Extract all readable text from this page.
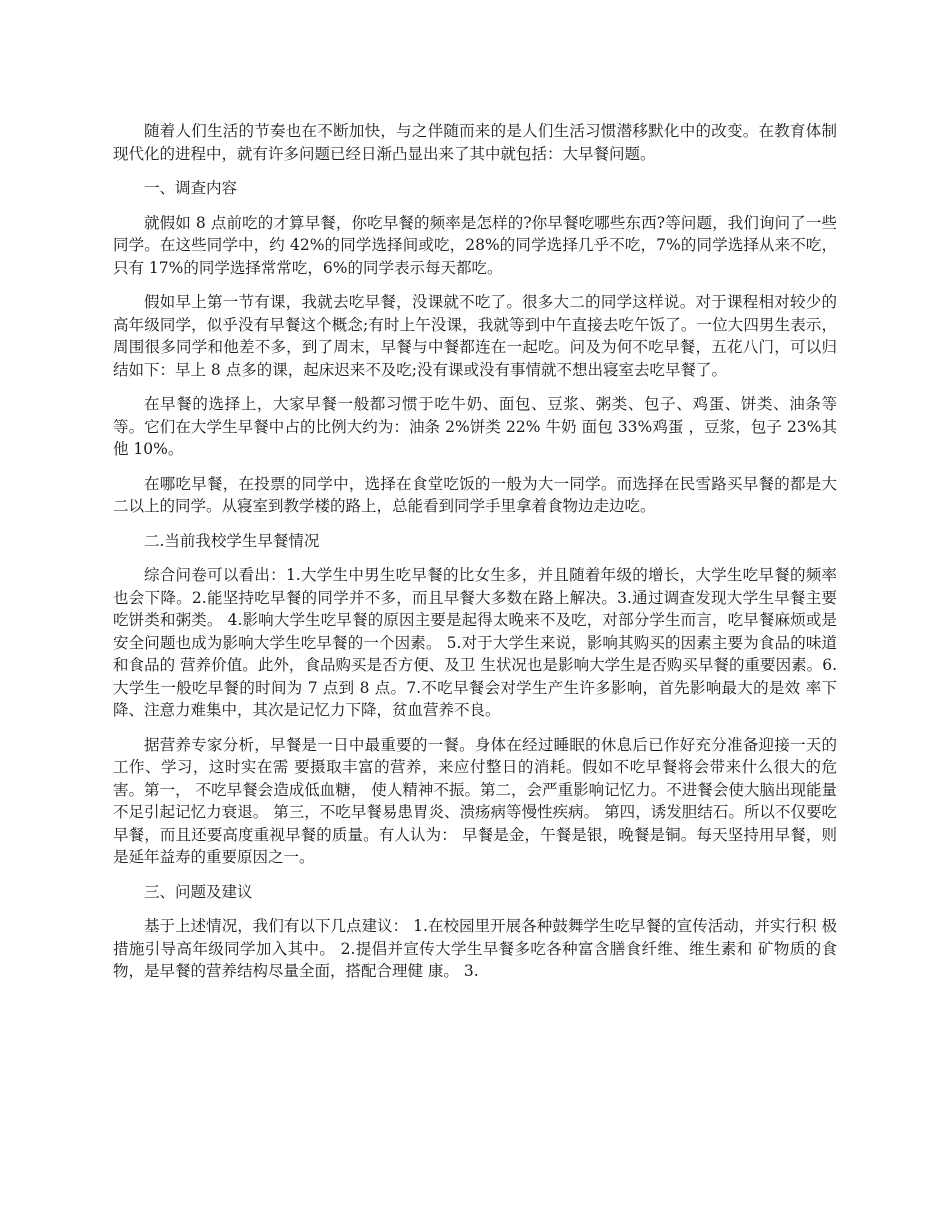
随着人们生活的节奏也在不断加快，与之伴随而来的是人们生活习惯潜移默化中的改变。在教育体制现代化的进程中，就有许多问题已经日渐凸显出来了其中就包括：大早餐问题。

一、调查内容

就假如 8 点前吃的才算早餐，你吃早餐的频率是怎样的?你早餐吃哪些东西?等问题，我们询问了一些同学。在这些同学中，约 42%的同学选择间或吃，28%的同学选择几乎不吃，7%的同学选择从来不吃，只有 17%的同学选择常常吃，6%的同学表示每天都吃。

假如早上第一节有课，我就去吃早餐，没课就不吃了。很多大二的同学这样说。对于课程相对较少的高年级同学，似乎没有早餐这个概念;有时上午没课，我就等到中午直接去吃午饭了。一位大四男生表示，周围很多同学和他差不多，到了周末，早餐与中餐都连在一起吃。问及为何不吃早餐，五花八门，可以归结如下：早上 8 点多的课，起床迟来不及吃;没有课或没有事情就不想出寝室去吃早餐了。

在早餐的选择上，大家早餐一般都习惯于吃牛奶、面包、豆浆、粥类、包子、鸡蛋、饼类、油条等等。它们在大学生早餐中占的比例大约为：油条 2%饼类 22% 牛奶 面包 33%鸡蛋 ，豆浆，包子 23%其他 10%。

在哪吃早餐，在投票的同学中，选择在食堂吃饭的一般为大一同学。而选择在民雪路买早餐的都是大二以上的同学。从寝室到教学楼的路上，总能看到同学手里拿着食物边走边吃。

二.当前我校学生早餐情况

综合问卷可以看出：1.大学生中男生吃早餐的比女生多，并且随着年级的增长，大学生吃早餐的频率也会下降。2.能坚持吃早餐的同学并不多，而且早餐大多数在路上解决。3.通过调查发现大学生早餐主要吃饼类和粥类。 4.影响大学生吃早餐的原因主要是起得太晚来不及吃，对部分学生而言，吃早餐麻烦或是安全问题也成为影响大学生吃早餐的一个因素。 5.对于大学生来说，影响其购买的因素主要为食品的味道和食品的 营养价值。此外，食品购买是否方便、及卫 生状况也是影响大学生是否购买早餐的重要因素。6.大学生一般吃早餐的时间为 7 点到 8 点。7.不吃早餐会对学生产生许多影响，首先影响最大的是效 率下降、注意力难集中，其次是记忆力下降，贫血营养不良。

据营养专家分析，早餐是一日中最重要的一餐。身体在经过睡眠的休息后已作好充分准备迎接一天的工作、学习，这时实在需 要摄取丰富的营养，来应付整日的消耗。假如不吃早餐将会带来什么很大的危害。第一， 不吃早餐会造成低血糖， 使人精神不振。第二，会严重影响记忆力。不进餐会使大脑出现能量不足引起记忆力衰退。 第三，不吃早餐易患胃炎、溃疡病等慢性疾病。 第四，诱发胆结石。所以不仅要吃早餐，而且还要高度重视早餐的质量。有人认为： 早餐是金，午餐是银，晚餐是铜。每天坚持用早餐，则是延年益寿的重要原因之一。

三、问题及建议

基于上述情况，我们有以下几点建议： 1.在校园里开展各种鼓舞学生吃早餐的宣传活动，并实行积 极措施引导高年级同学加入其中。 2.提倡并宣传大学生早餐多吃各种富含膳食纤维、维生素和 矿物质的食物，是早餐的营养结构尽量全面，搭配合理健 康。 3.
